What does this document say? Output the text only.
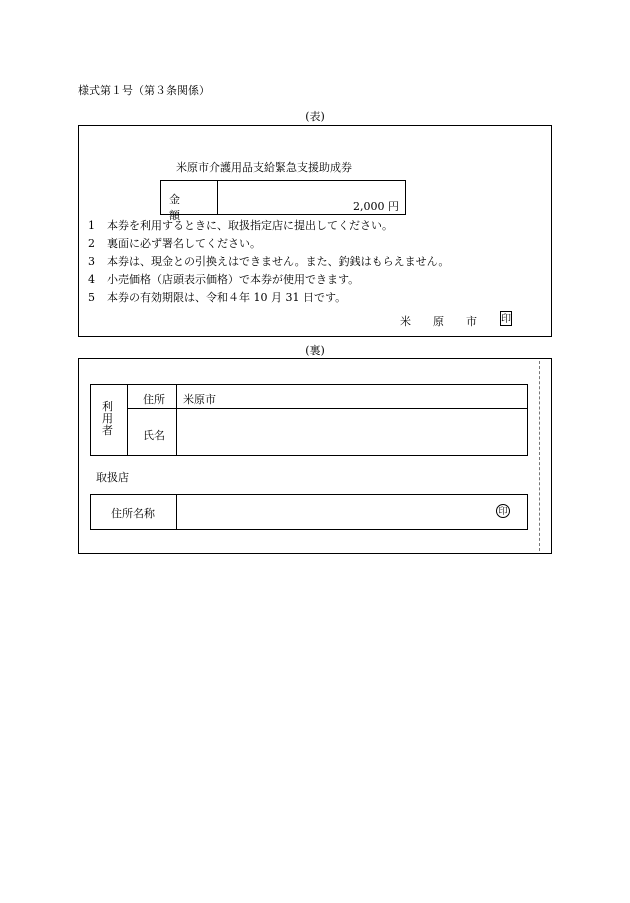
様式第１号（第３条関係）
(表)
米原市介護用品支給緊急支援助成券
金額
2,000 円
1 本券を利用するときに、取扱指定店に提出してください。
2 裏面に必ず署名してください。
3 本券は、現金との引換えはできません。また、釣銭はもらえません。
4 小売価格（店頭表示価格）で本券が使用できます。
5 本券の有効期限は、令和４年 10 月 31 日です。
米原市 印
(裏)
利用者
住所 米原市
氏名
取扱店
住所名称	印
